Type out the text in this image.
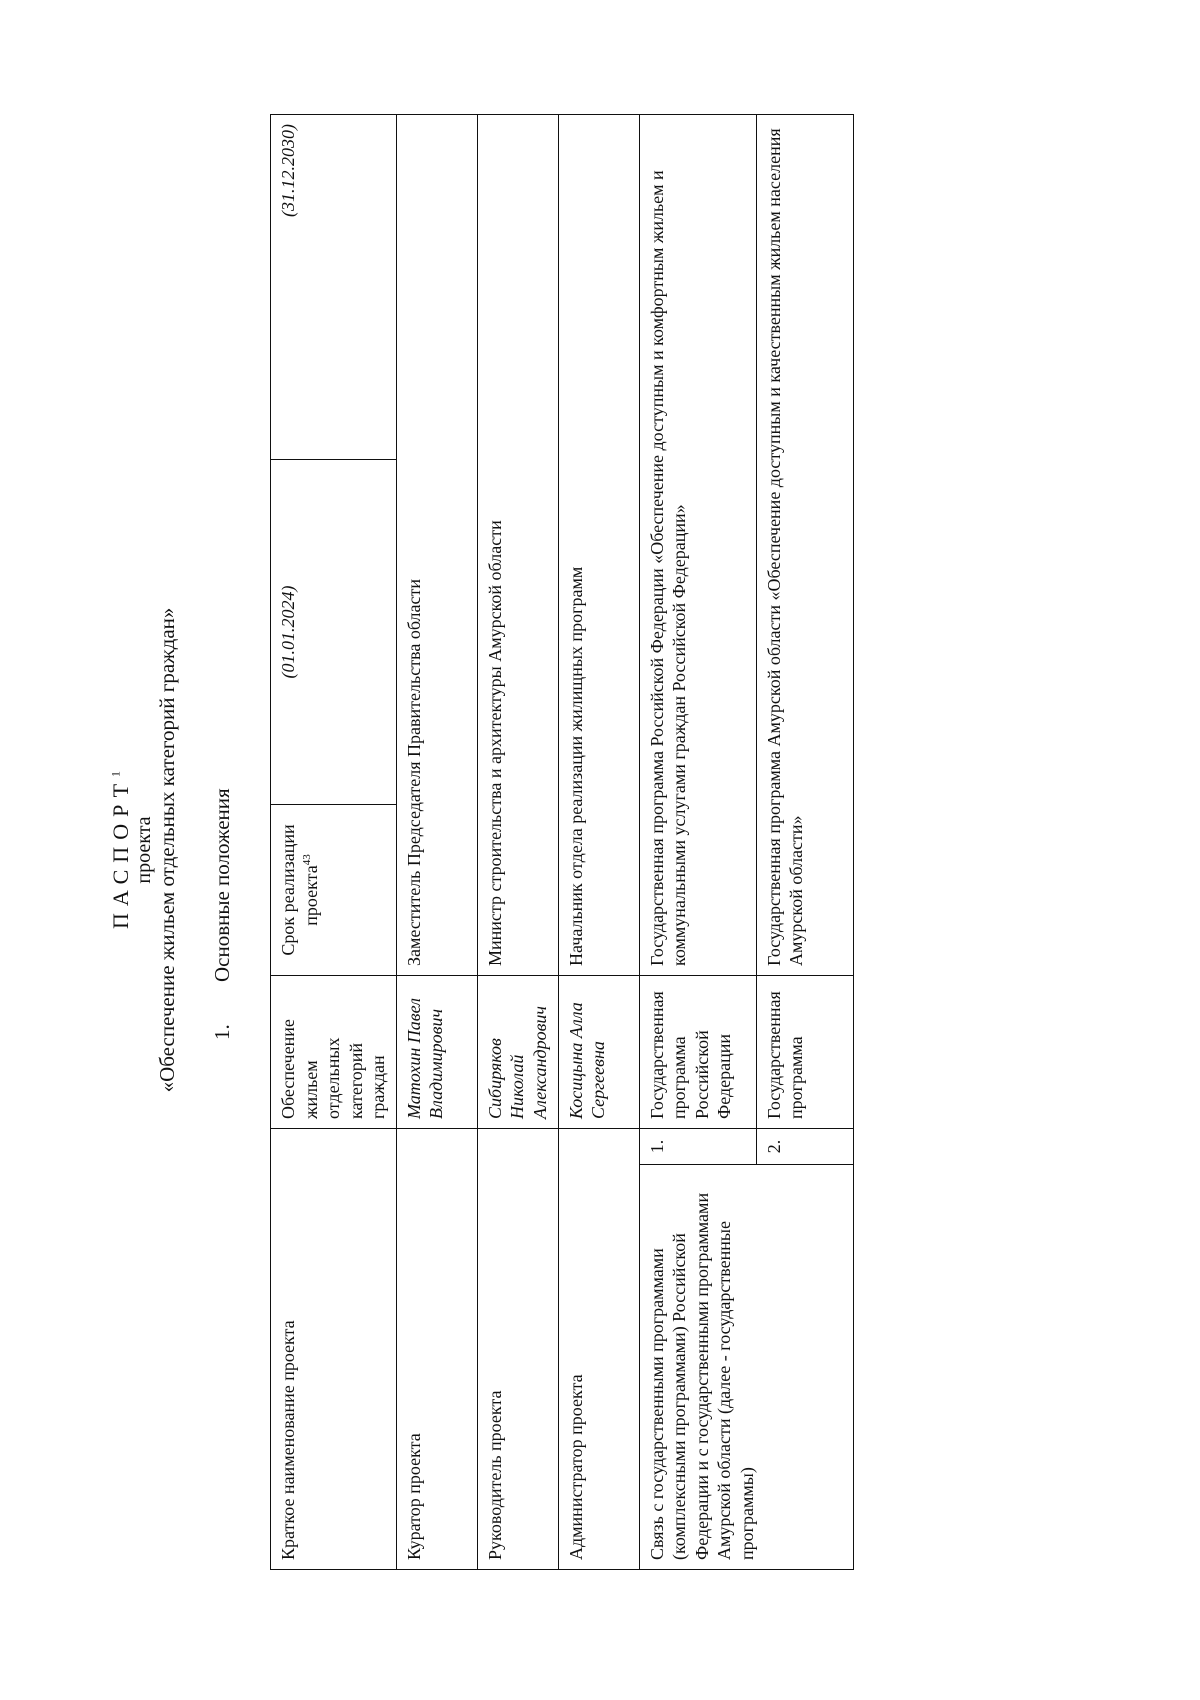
ПАСПОРТ$^1$
проекта «Обеспечение жильем отдельных категорий граждан» 1.Основные положения
Краткое наименование проекта		Обеспечение жильем отдельных категорий граждан	Срок реализации проекта$^{43}$	(01.01.2024)	(31.12.2030)
Куратор проекта		Матохин Павел Владимирович	Заместитель Председателя Правительства области		
Руководитель проекта		Сибиряков Николай Александрович	Министр строительства и архитектуры Амурской области		
Администратор проекта		Косицына Алла Сергеевна	Начальник отдела реализации жилищных программ		
Связь с государственными программами (комплексными программами) Российской Федерации и с государственными программами Амурской области (далее - государственные программы)	1.	Государственная программа Российской Федерации	Государственная программа Российской Федерации «Обеспечение доступным и комфортным жильем и коммунальными услугами граждан Российской Федерации»		
	2.	Государственная программа	Государственная программа Амурской области «Обеспечение доступным и качественным жильем населения Амурской области»		
